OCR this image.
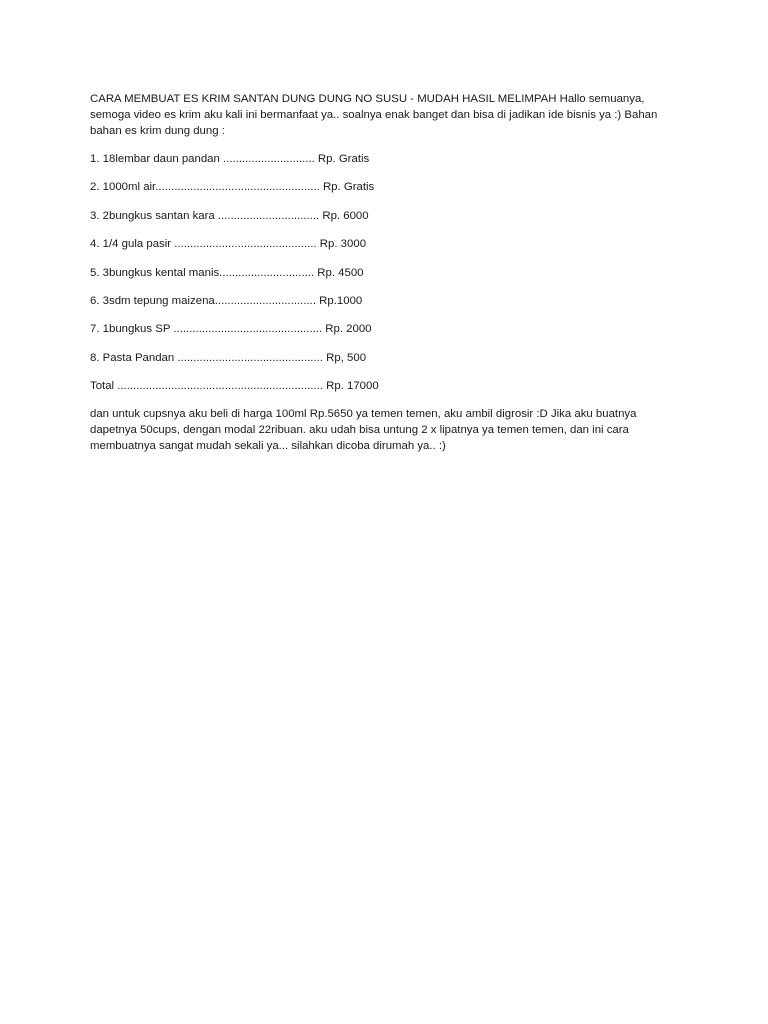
CARA MEMBUAT ES KRIM SANTAN DUNG DUNG NO SUSU - MUDAH HASIL MELIMPAH Hallo semuanya, semoga video es krim aku kali ini bermanfaat ya.. soalnya enak banget dan bisa di jadikan ide bisnis ya :) Bahan bahan es krim dung dung :

1. 18lembar daun pandan ............................. Rp. Gratis

2. 1000ml air.................................................... Rp. Gratis

3. 2bungkus santan kara ................................ Rp. 6000

4. 1/4 gula pasir ............................................. Rp. 3000

5. 3bungkus kental manis.............................. Rp. 4500

6. 3sdm tepung maizena................................ Rp.1000

7. 1bungkus SP ............................................... Rp. 2000

8. Pasta Pandan .............................................. Rp, 500

Total ................................................................. Rp. 17000

dan untuk cupsnya aku beli di harga 100ml Rp.5650 ya temen temen, aku ambil digrosir :D Jika aku buatnya dapetnya 50cups, dengan modal 22ribuan. aku udah bisa untung 2 x lipatnya ya temen temen, dan ini cara membuatnya sangat mudah sekali ya... silahkan dicoba dirumah ya.. :)
